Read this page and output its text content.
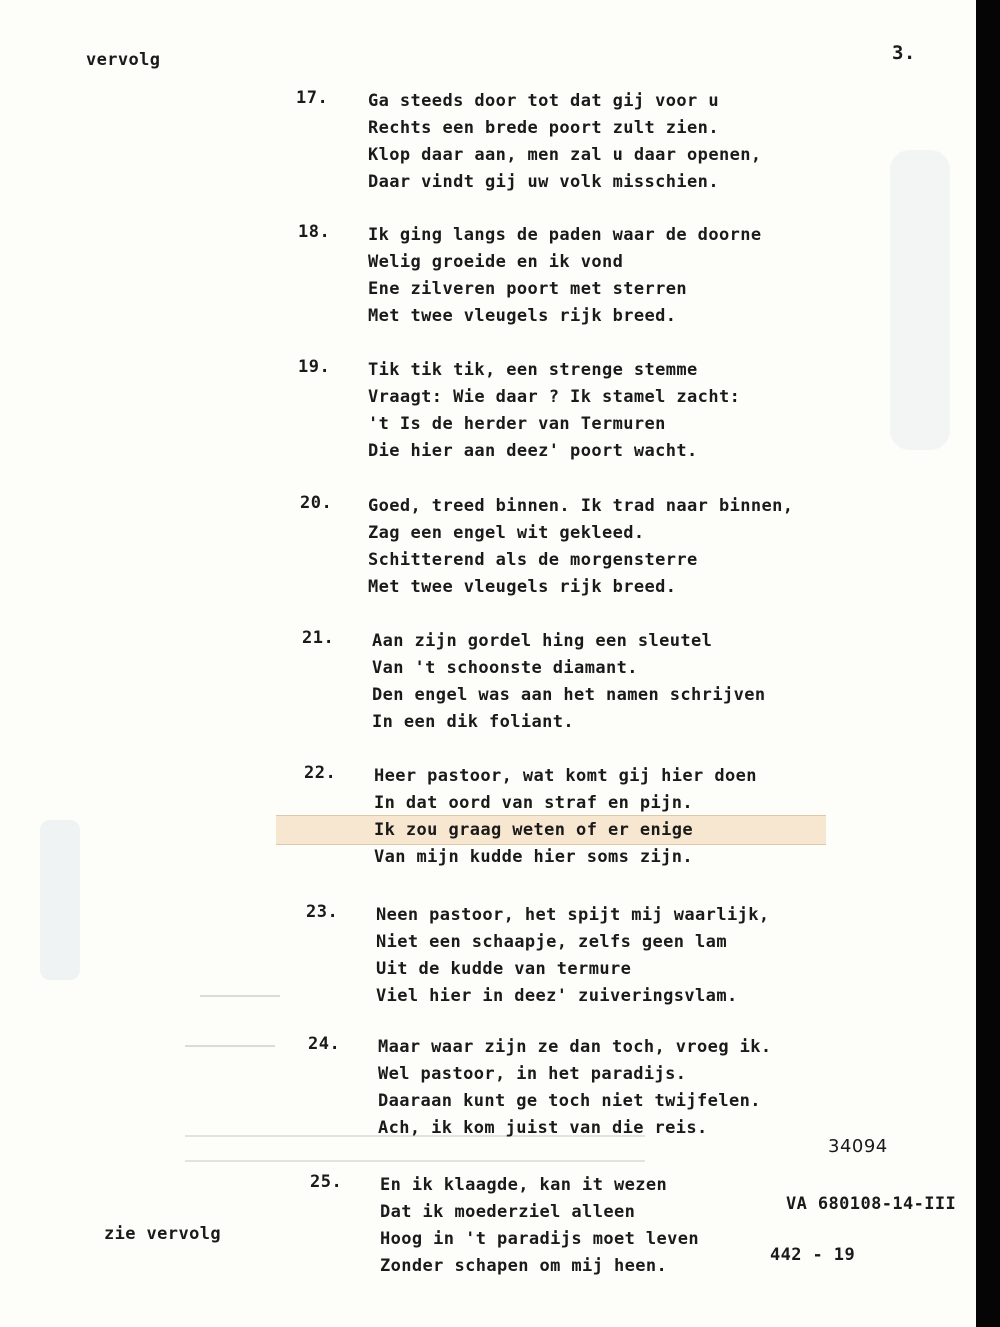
vervolg	3.
17. Ga steeds door tot dat gij voor u
Rechts een brede poort zult zien.
Klop daar aan, men zal u daar openen,
Daar vindt gij uw volk misschien.
18. Ik ging langs de paden waar de doorne
Welig groeide en ik vond
Ene zilveren poort met sterren
Met twee vleugels rijk breed.
19. Tik tik tik, een strenge stemme
Vraagt: Wie daar ? Ik stamel zacht:
't Is de herder van Termuren
Die hier aan deez' poort wacht.
20. Goed, treed binnen. Ik trad naar binnen,
Zag een engel wit gekleed.
Schitterend als de morgensterre
Met twee vleugels rijk breed.
21. Aan zijn gordel hing een sleutel
Van 't schoonste diamant.
Den engel was aan het namen schrijven
In een dik foliant.
22. Heer pastoor, wat komt gij hier doen
In dat oord van straf en pijn.
Ik zou graag weten of er enige
Van mijn kudde hier soms zijn.
23. Neen pastoor, het spijt mij waarlijk,
Niet een schaapje, zelfs geen lam
Uit de kudde van termure
Viel hier in deez' zuiveringsvlam.
24. Maar waar zijn ze dan toch, vroeg ik.
Wel pastoor, in het paradijs.
Daaraan kunt ge toch niet twijfelen.
Ach, ik kom juist van die reis.
25. En ik klaagde, kan it wezen
Dat ik moederziel alleen
Hoog in 't paradijs moet leven
Zonder schapen om mij heen.
34094
VA 680108-14-III
442 - 19
zie vervolg
